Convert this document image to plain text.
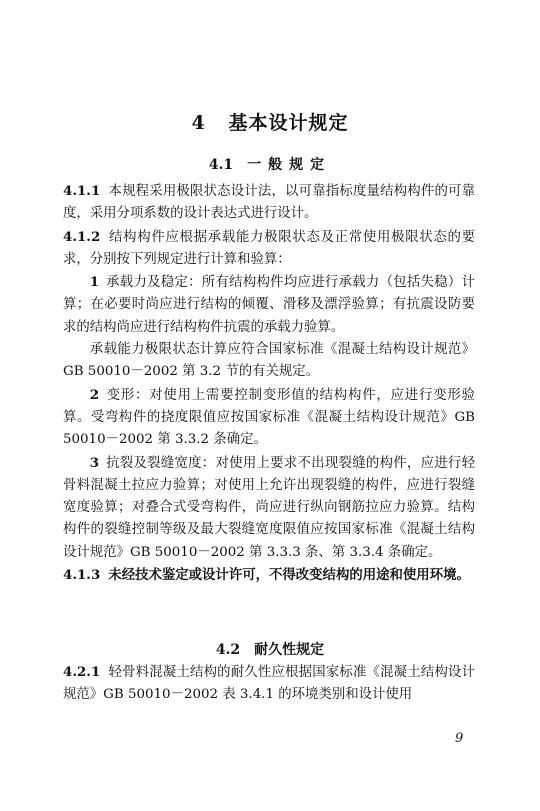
4 基本设计规定
4.1 一般规定

4.1.1 本规程采用极限状态设计法，以可靠指标度量结构构件的可靠度，采用分项系数的设计表达式进行设计。

4.1.2 结构构件应根据承载能力极限状态及正常使用极限状态的要求，分别按下列规定进行计算和验算：

1 承载力及稳定：所有结构构件均应进行承载力（包括失稳）计算；在必要时尚应进行结构的倾覆、滑移及漂浮验算；有抗震设防要求的结构尚应进行结构构件抗震的承载力验算。

承载能力极限状态计算应符合国家标准《混凝土结构设计规范》GB 50010－2002 第 3.2 节的有关规定。

2 变形：对使用上需要控制变形值的结构构件，应进行变形验算。受弯构件的挠度限值应按国家标准《混凝土结构设计规范》GB 50010－2002 第 3.3.2 条确定。

3 抗裂及裂缝宽度：对使用上要求不出现裂缝的构件，应进行轻骨料混凝土拉应力验算；对使用上允许出现裂缝的构件，应进行裂缝宽度验算；对叠合式受弯构件，尚应进行纵向钢筋拉应力验算。结构构件的裂缝控制等级及最大裂缝宽度限值应按国家标准《混凝土结构设计规范》GB 50010－2002 第 3.3.3 条、第 3.3.4 条确定。

4.1.3 未经技术鉴定或设计许可，不得改变结构的用途和使用环境。

4.2 耐久性规定

4.2.1 轻骨料混凝土结构的耐久性应根据国家标准《混凝土结构设计规范》GB 50010－2002 表 3.4.1 的环境类别和设计使用

9
